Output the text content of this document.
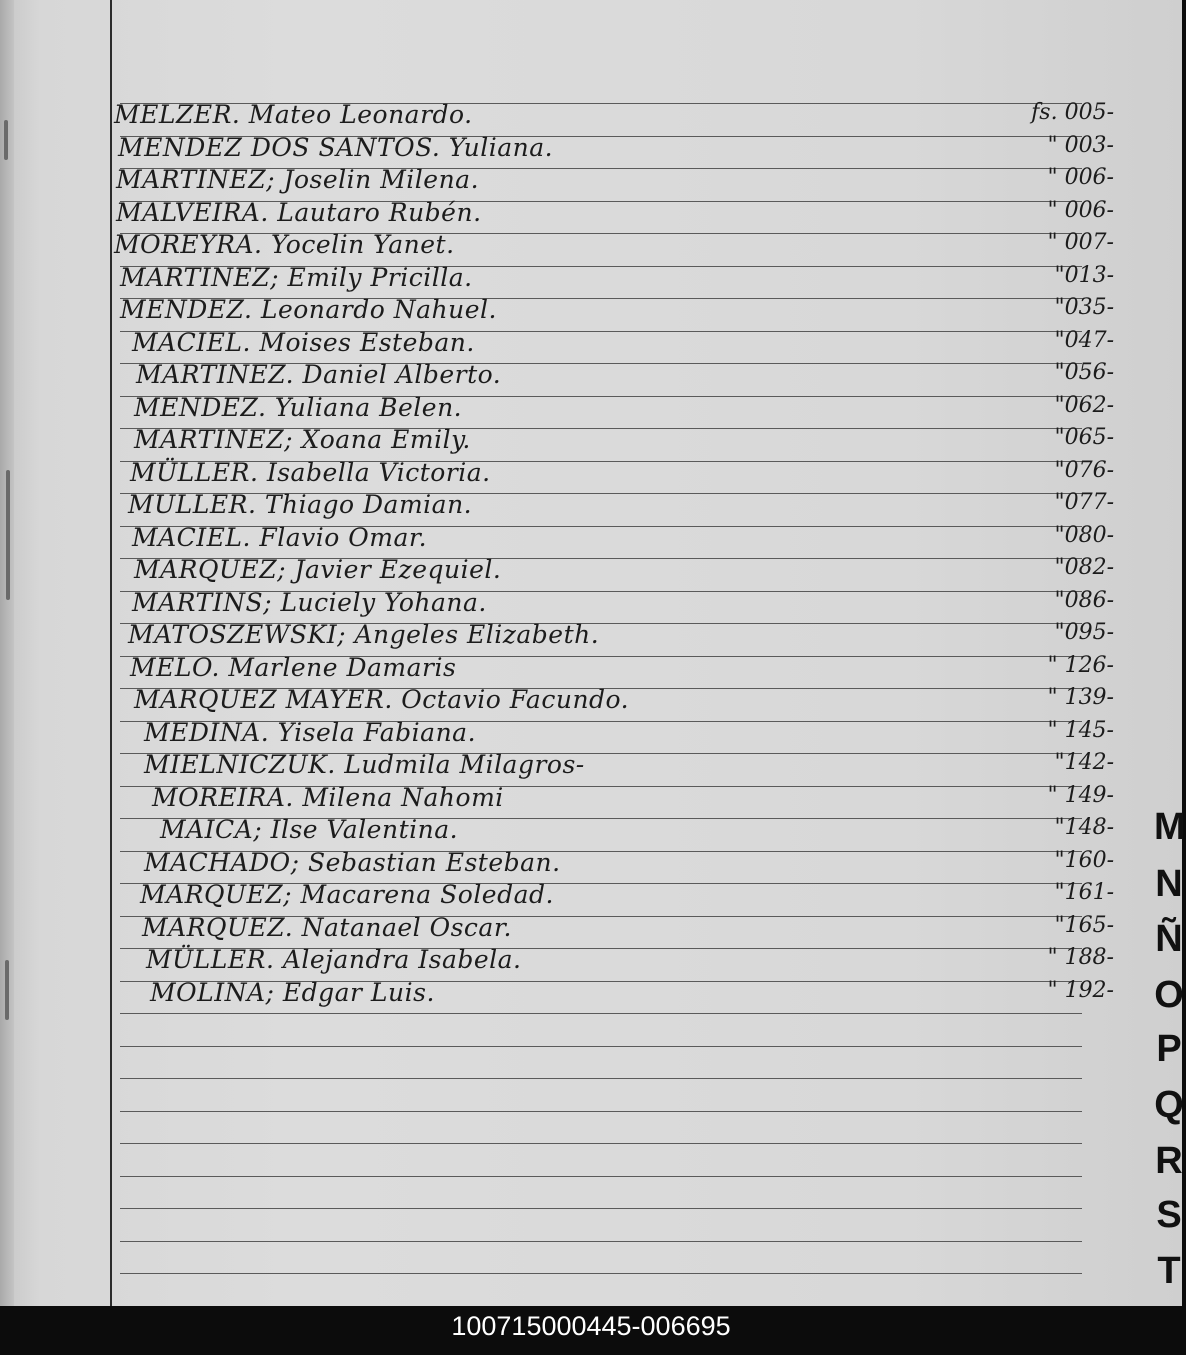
MELZER. Mateo Leonardo.	fs. 005-
MENDEZ DOS SANTOS. Yuliana.	" 003-
MARTINEZ; Joselin Milena.	" 006-
MALVEIRA. Lautaro Rubén.	" 006-
MOREYRA. Yocelin Yanet.	" 007-
MARTINEZ; Emily Pricilla.	"013-
MENDEZ. Leonardo Nahuel.	"035-
MACIEL. Moises Esteban.	"047-
MARTINEZ. Daniel Alberto.	"056-
MENDEZ. Yuliana Belen.	"062-
MARTINEZ; Xoana Emily.	"065-
MÜLLER. Isabella Victoria.	"076-
MULLER. Thiago Damian.	"077-
MACIEL. Flavio Omar.	"080-
MARQUEZ; Javier Ezequiel.	"082-
MARTINS; Luciely Yohana.	"086-
MATOSZEWSKI; Angeles Elizabeth.	"095-
MELO. Marlene Damaris	" 126-
MARQUEZ MAYER. Octavio Facundo.	" 139-
MEDINA. Yisela Fabiana.	" 145-
MIELNICZUK. Ludmila Milagros-	"142-
MOREIRA. Milena Nahomi	" 149-
MAICA; Ilse Valentina.	"148-
MACHADO; Sebastian Esteban.	"160-
MARQUEZ; Macarena Soledad.	"161-
MARQUEZ. Natanael Oscar.	"165-
MÜLLER. Alejandra Isabela.	" 188-
MOLINA; Edgar Luis.	" 192-
M
N
Ñ
O
P
Q
R
S
T
100715000445-006695
